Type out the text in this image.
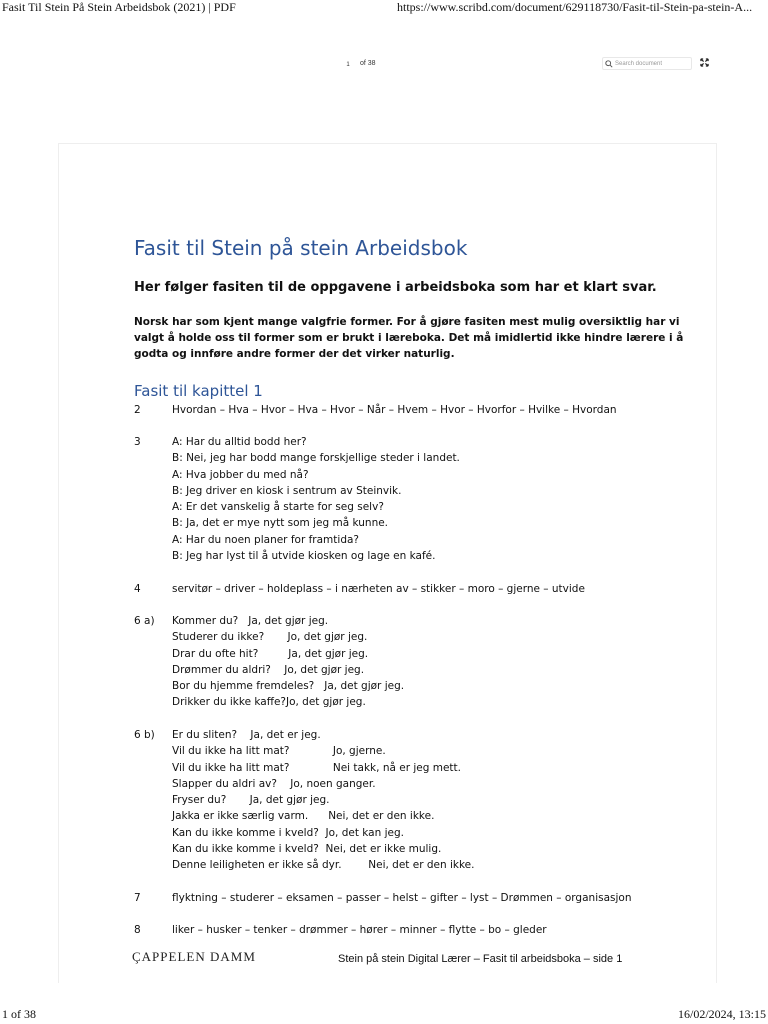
Fasit Til Stein På Stein Arbeidsbok (2021) | PDF	https://www.scribd.com/document/629118730/Fasit-til-Stein-pa-stein-A...
1	of 38	Search document
Fasit til Stein på stein Arbeidsbok
Her følger fasiten til de oppgavene i arbeidsboka som har et klart svar.
Norsk har som kjent mange valgfrie former. For å gjøre fasiten mest mulig oversiktlig har vi
valgt å holde oss til former som er brukt i læreboka. Det må imidlertid ikke hindre lærere i å
godta og innføre andre former der det virker naturlig.
Fasit til kapittel 1
2	Hvordan – Hva – Hvor – Hva – Hvor – Når – Hvem – Hvor – Hvorfor – Hvilke – Hvordan
3	A: Har du alltid bodd her?
B: Nei, jeg har bodd mange forskjellige steder i landet.
A: Hva jobber du med nå?
B: Jeg driver en kiosk i sentrum av Steinvik.
A: Er det vanskelig å starte for seg selv?
B: Ja, det er mye nytt som jeg må kunne.
A: Har du noen planer for framtida?
B: Jeg har lyst til å utvide kiosken og lage en kafé.
4	servitør – driver – holdeplass – i nærheten av – stikker – moro – gjerne – utvide
6 a) Kommer du?   Ja, det gjør jeg.
Studerer du ikke?       Jo, det gjør jeg.
Drar du ofte hit?         Ja, det gjør jeg.
Drømmer du aldri?    Jo, det gjør jeg.
Bor du hjemme fremdeles?   Ja, det gjør jeg.
Drikker du ikke kaffe?Jo, det gjør jeg.
6 b) Er du sliten?    Ja, det er jeg.
Vil du ikke ha litt mat?             Jo, gjerne.
Vil du ikke ha litt mat?             Nei takk, nå er jeg mett.
Slapper du aldri av?    Jo, noen ganger.
Fryser du?       Ja, det gjør jeg.
Jakka er ikke særlig varm.      Nei, det er den ikke.
Kan du ikke komme i kveld?  Jo, det kan jeg.
Kan du ikke komme i kveld?  Nei, det er ikke mulig.
Denne leiligheten er ikke så dyr.        Nei, det er den ikke.
7	flyktning – studerer – eksamen – passer – helst – gifter – lyst – Drømmen – organisasjon
8	liker – husker – tenker – drømmer – hører – minner – flytte – bo – gleder
ÇAPPELEN DAMM	Stein på stein Digital Lærer – Fasit til arbeidsboka – side 1
1 of 38	16/02/2024, 13:15
